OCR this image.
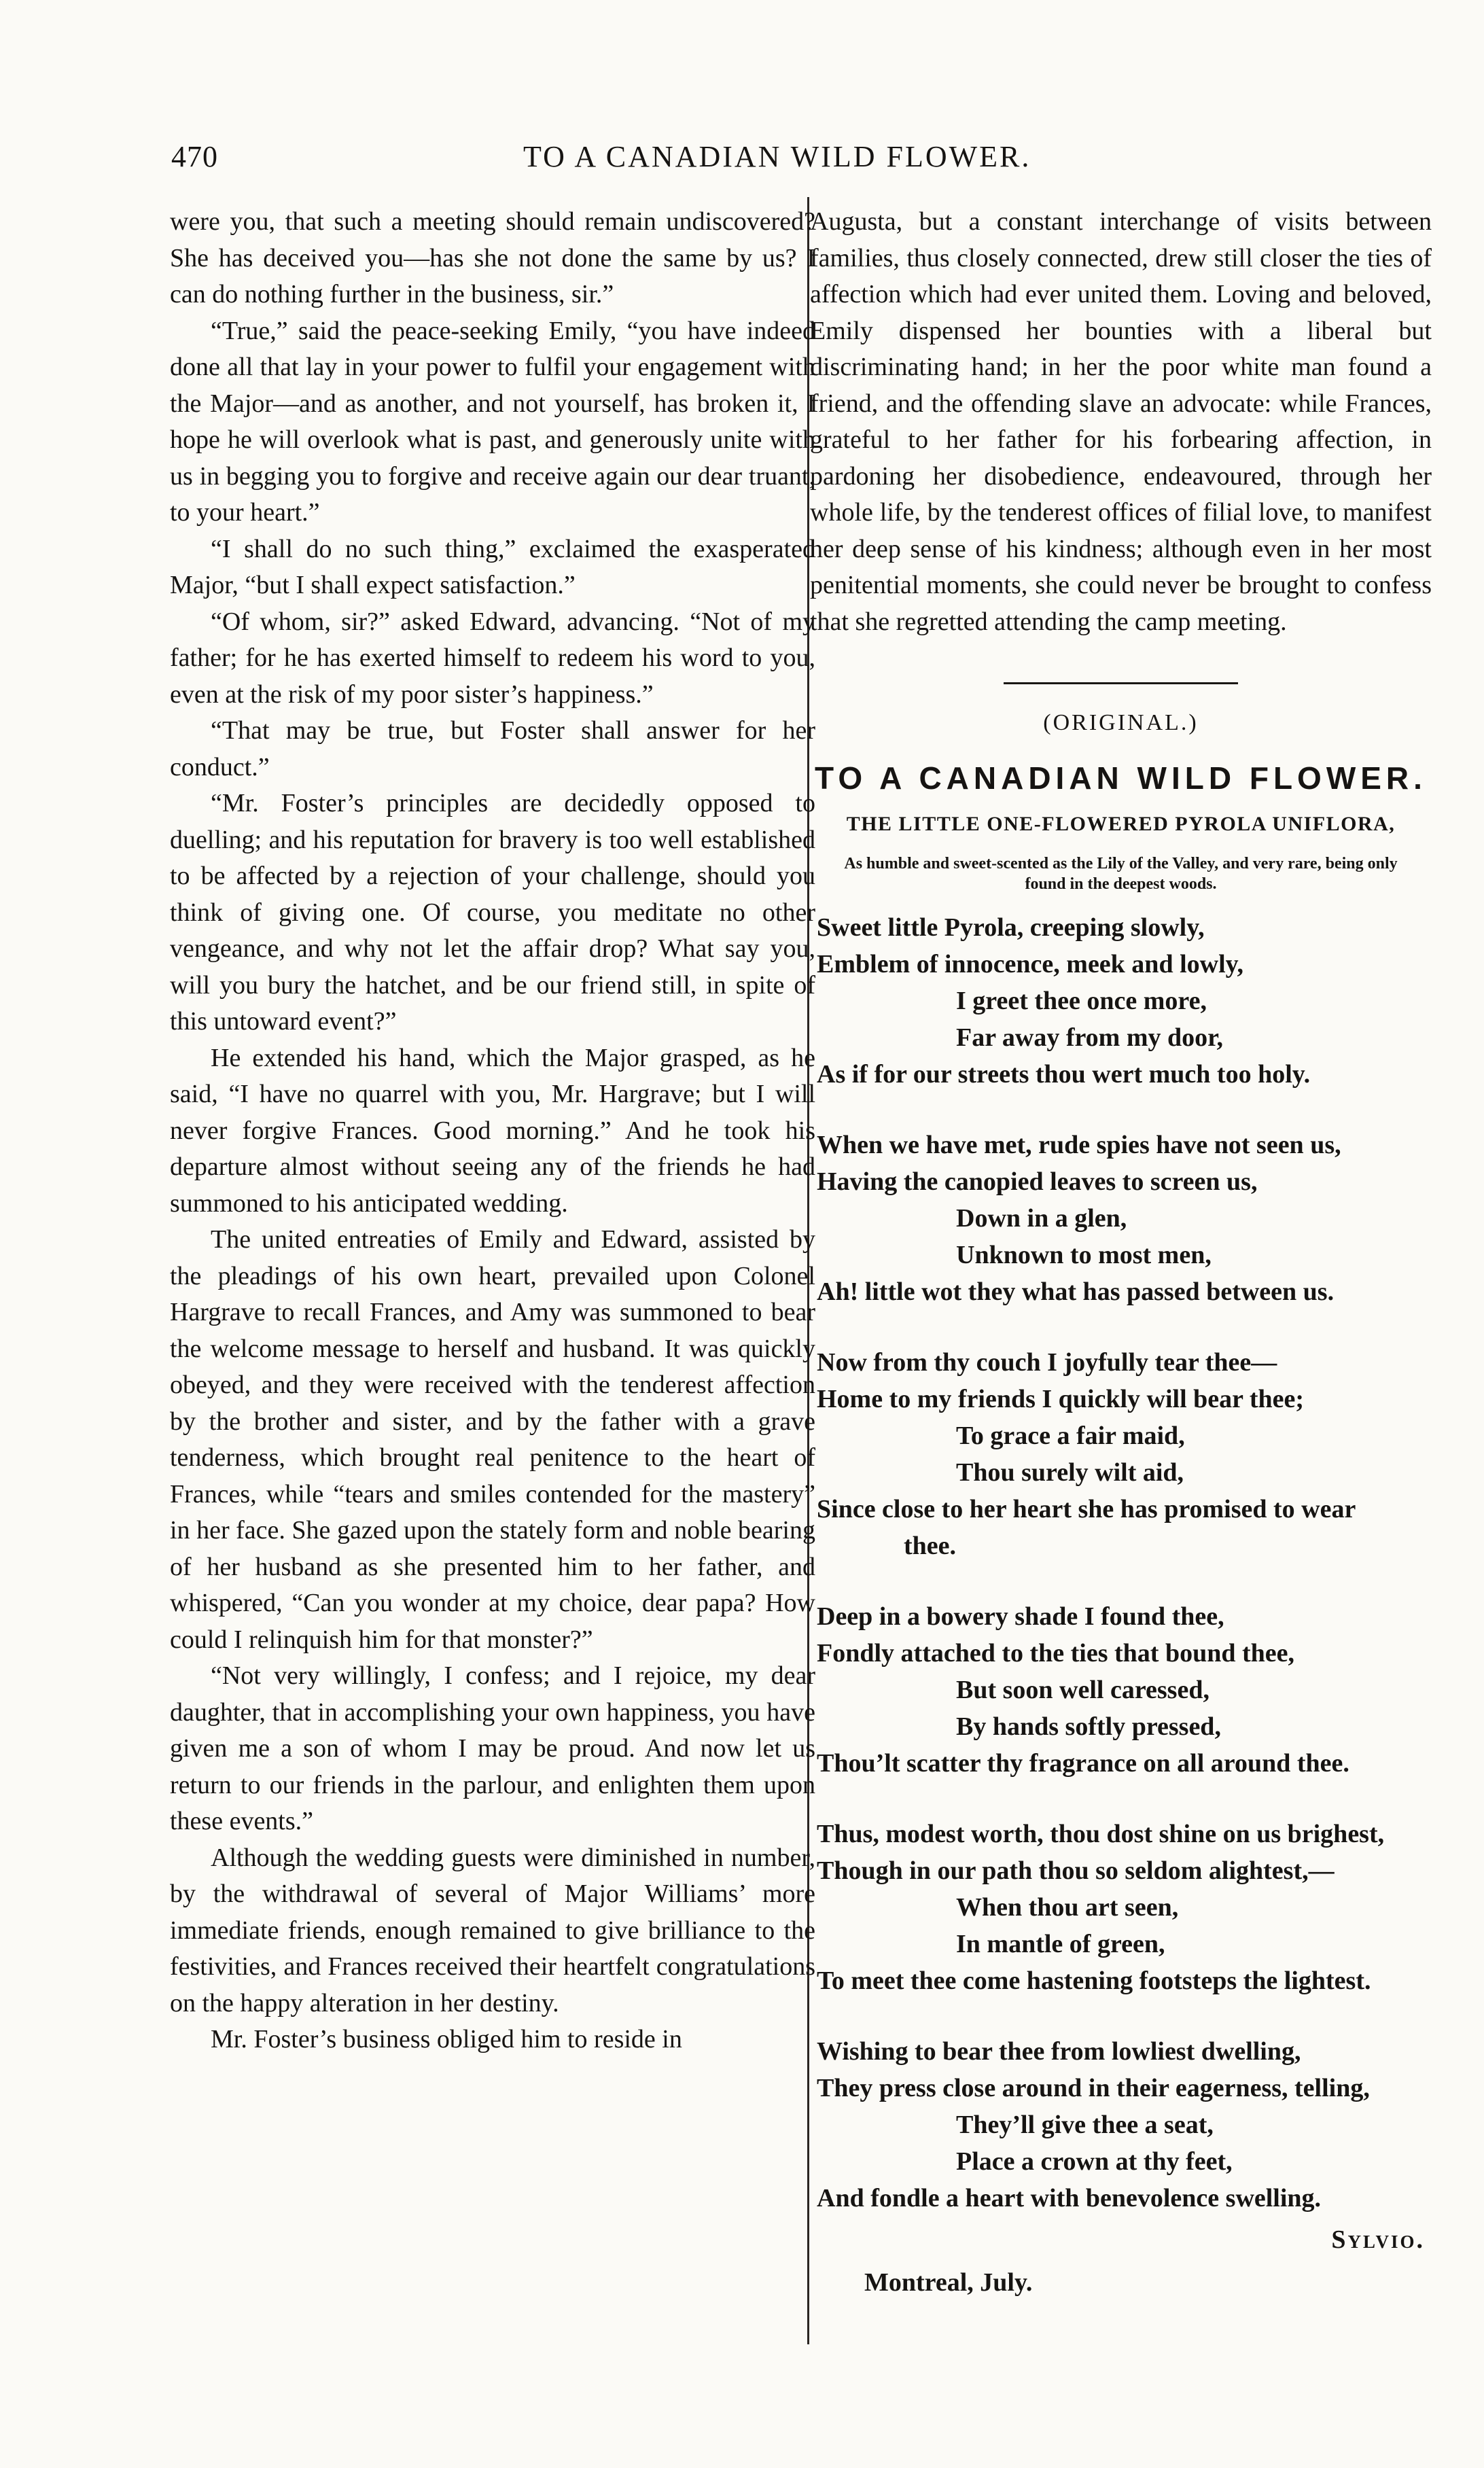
470	TO A CANADIAN WILD FLOWER.

were you, that such a meeting should remain undiscovered? She has deceived you—has she not done the same by us? I can do nothing further in the business, sir.”

“True,” said the peace-seeking Emily, “you have indeed done all that lay in your power to fulfil your engagement with the Major—and as another, and not yourself, has broken it, I hope he will overlook what is past, and generously unite with us in begging you to forgive and receive again our dear truant, to your heart.”

“I shall do no such thing,” exclaimed the exasperated Major, “but I shall expect satisfaction.”

“Of whom, sir?” asked Edward, advancing. “Not of my father; for he has exerted himself to redeem his word to you, even at the risk of my poor sister’s happiness.”

“That may be true, but Foster shall answer for her conduct.”

“Mr. Foster’s principles are decidedly opposed to duelling; and his reputation for bravery is too well established to be affected by a rejection of your challenge, should you think of giving one. Of course, you meditate no other vengeance, and why not let the affair drop? What say you, will you bury the hatchet, and be our friend still, in spite of this untoward event?”

He extended his hand, which the Major grasped, as he said, “I have no quarrel with you, Mr. Hargrave; but I will never forgive Frances. Good morning.” And he took his departure almost without seeing any of the friends he had summoned to his anticipated wedding.

The united entreaties of Emily and Edward, assisted by the pleadings of his own heart, prevailed upon Colonel Hargrave to recall Frances, and Amy was summoned to bear the welcome message to herself and husband. It was quickly obeyed, and they were received with the tenderest affection by the brother and sister, and by the father with a grave tenderness, which brought real penitence to the heart of Frances, while “tears and smiles contended for the mastery” in her face. She gazed upon the stately form and noble bearing of her husband as she presented him to her father, and whispered, “Can you wonder at my choice, dear papa? How could I relinquish him for that monster?”

“Not very willingly, I confess; and I rejoice, my dear daughter, that in accomplishing your own happiness, you have given me a son of whom I may be proud. And now let us return to our friends in the parlour, and enlighten them upon these events.”

Although the wedding guests were diminished in number, by the withdrawal of several of Major Williams’ more immediate friends, enough remained to give brilliance to the festivities, and Frances received their heartfelt congratulations on the happy alteration in her destiny.

Mr. Foster’s business obliged him to reside in

Augusta, but a constant interchange of visits between families, thus closely connected, drew still closer the ties of affection which had ever united them. Loving and beloved, Emily dispensed her bounties with a liberal but discriminating hand; in her the poor white man found a friend, and the offending slave an advocate: while Frances, grateful to her father for his forbearing affection, in pardoning her disobedience, endeavoured, through her whole life, by the tenderest offices of filial love, to manifest her deep sense of his kindness; although even in her most penitential moments, she could never be brought to confess that she regretted attending the camp meeting.

(ORIGINAL.)
TO A CANADIAN WILD FLOWER.
THE LITTLE ONE-FLOWERED PYROLA UNIFLORA,
As humble and sweet-scented as the Lily of the Valley, and very rare, being only found in the deepest woods.
Sweet little Pyrola, creeping slowly,
Emblem of innocence, meek and lowly,
I greet thee once more,
Far away from my door,
As if for our streets thou wert much too holy.
When we have met, rude spies have not seen us,
Having the canopied leaves to screen us,
Down in a glen,
Unknown to most men,
Ah! little wot they what has passed between us.
Now from thy couch I joyfully tear thee—
Home to my friends I quickly will bear thee;
To grace a fair maid,
Thou surely wilt aid,
Since close to her heart she has promised to wear
thee.
Deep in a bowery shade I found thee,
Fondly attached to the ties that bound thee,
But soon well caressed,
By hands softly pressed,
Thou’lt scatter thy fragrance on all around thee.
Thus, modest worth, thou dost shine on us brighest,
Though in our path thou so seldom alightest,—
When thou art seen,
In mantle of green,
To meet thee come hastening footsteps the lightest.
Wishing to bear thee from lowliest dwelling,
They press close around in their eagerness, telling,
They’ll give thee a seat,
Place a crown at thy feet,
And fondle a heart with benevolence swelling.
Sylvio.
Montreal, July.
